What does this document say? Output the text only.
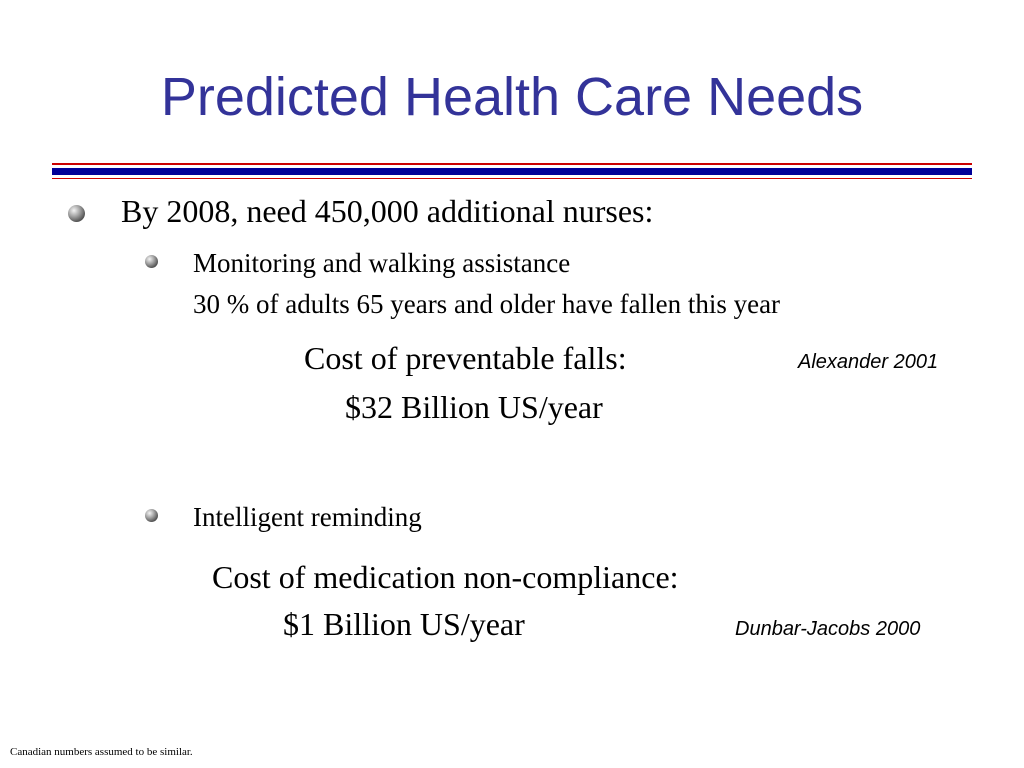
Predicted Health Care Needs
By 2008, need 450,000 additional nurses:
Monitoring and walking assistance
30 % of adults 65 years and older have fallen this year
Cost of preventable falls:	Alexander 2001
$32 Billion US/year
Intelligent reminding
Cost of medication non-compliance:
$1 Billion US/year	Dunbar-Jacobs 2000
Canadian numbers assumed to be similar.
